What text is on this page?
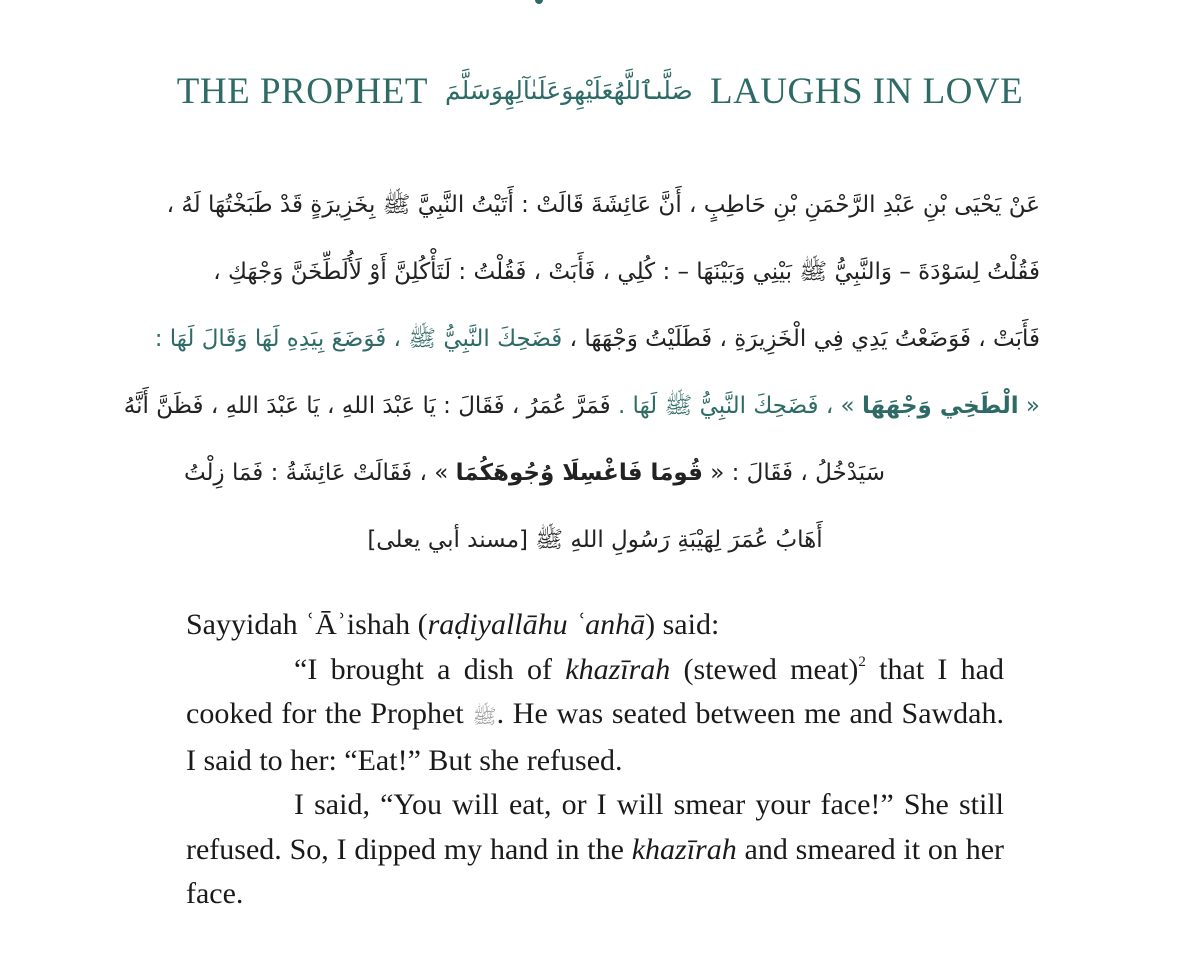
THE PROPHET صَلَّىٱللَّهُعَلَيْهِوَعَلَىٰآلِهِوَسَلَّمَ LAUGHS IN LOVE
عَنْ يَحْيَى بْنِ عَبْدِ الرَّحْمَنِ بْنِ حَاطِبٍ ، أَنَّ عَائِشَةَ قَالَتْ : أَتَيْتُ النَّبِيَّ ﷺ بِخَزِيرَةٍ قَدْ طَبَخْتُهَا لَهُ ،
فَقُلْتُ لِسَوْدَةَ – وَالنَّبِيُّ ﷺ بَيْنِي وَبَيْنَهَا – : كُلِي ، فَأَبَتْ ، فَقُلْتُ : لَتَأْكُلِنَّ أَوْ لَأُلَطِّخَنَّ وَجْهَكِ ،
فَأَبَتْ ، فَوَضَعْتُ يَدِي فِي الْخَزِيرَةِ ، فَطَلَيْتُ وَجْهَهَا ، فَضَحِكَ النَّبِيُّ ﷺ ، فَوَضَعَ بِيَدِهِ لَهَا وَقَالَ لَهَا :
« الْطَخِي وَجْهَهَا » ، فَضَحِكَ النَّبِيُّ ﷺ لَهَا . فَمَرَّ عُمَرُ ، فَقَالَ : يَا عَبْدَ اللهِ ، يَا عَبْدَ اللهِ ، فَظَنَّ أَنَّهُ
سَيَدْخُلُ ، فَقَالَ : « قُومَا فَاغْسِلَا وُجُوهَكُمَا » ، فَقَالَتْ عَائِشَةُ : فَمَا زِلْتُ
أَهَابُ عُمَرَ لِهَيْبَةِ رَسُولِ اللهِ ﷺ [مسند أبي يعلى]

Sayyidah ʿĀʾishah (raḍiyallāhu ʿanhā) said:

“I brought a dish of khazīrah (stewed meat)$^2$ that I had cooked for the Prophet ﷺ. He was seated between me and Sawdah. I said to her: “Eat!” But she refused.

I said, “You will eat, or I will smear your face!” She still refused. So, I dipped my hand in the khazīrah and smeared it on her face.
